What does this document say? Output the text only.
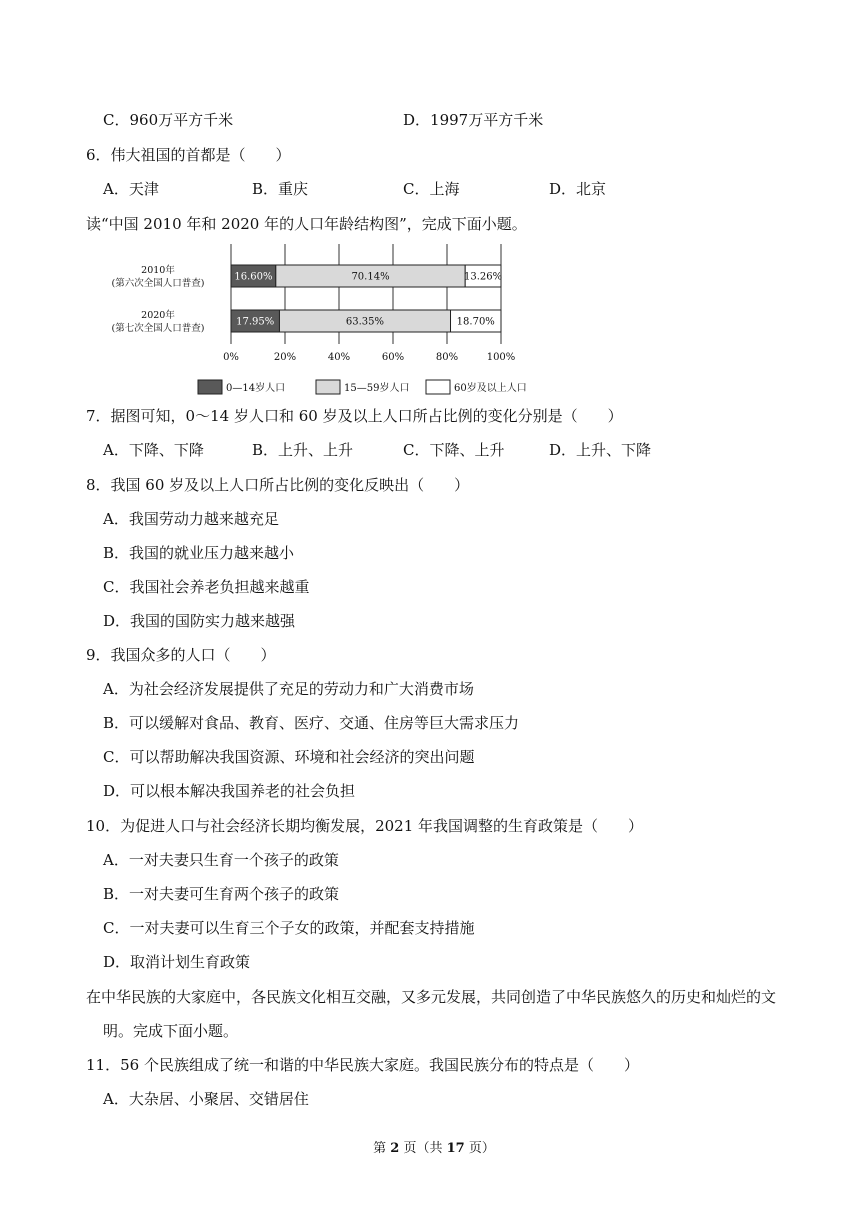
C．960万平方千米	D．1997万平方千米
6．伟大祖国的首都是（　　）
A．天津	B．重庆	C．上海	D．北京
读“中国 2010 年和 2020 年的人口年龄结构图”，完成下面小题。
0%	20%	40%	60%	80%	100%
2010年
(第六次全国人口普查)
2020年
(第七次全国人口普查)
16.60%	70.14%	13.26%
17.95%	63.35%	18.70%
0—14岁人口	15—59岁人口	60岁及以上人口
7．据图可知，0～14 岁人口和 60 岁及以上人口所占比例的变化分别是（　　）
A．下降、下降	B．上升、上升	C．下降、上升	D．上升、下降
8．我国 60 岁及以上人口所占比例的变化反映出（　　）
A．我国劳动力越来越充足
B．我国的就业压力越来越小
C．我国社会养老负担越来越重
D．我国的国防实力越来越强
9．我国众多的人口（　　）
A．为社会经济发展提供了充足的劳动力和广大消费市场
B．可以缓解对食品、教育、医疗、交通、住房等巨大需求压力
C．可以帮助解决我国资源、环境和社会经济的突出问题
D．可以根本解决我国养老的社会负担
10．为促进人口与社会经济长期均衡发展，2021 年我国调整的生育政策是（　　）
A．一对夫妻只生育一个孩子的政策
B．一对夫妻可生育两个孩子的政策
C．一对夫妻可以生育三个子女的政策，并配套支持措施
D．取消计划生育政策
在中华民族的大家庭中，各民族文化相互交融，又多元发展，共同创造了中华民族悠久的历史和灿烂的文
明。完成下面小题。
11．56 个民族组成了统一和谐的中华民族大家庭。我国民族分布的特点是（　　）
A．大杂居、小聚居、交错居住
第 2 页（共 17 页）
